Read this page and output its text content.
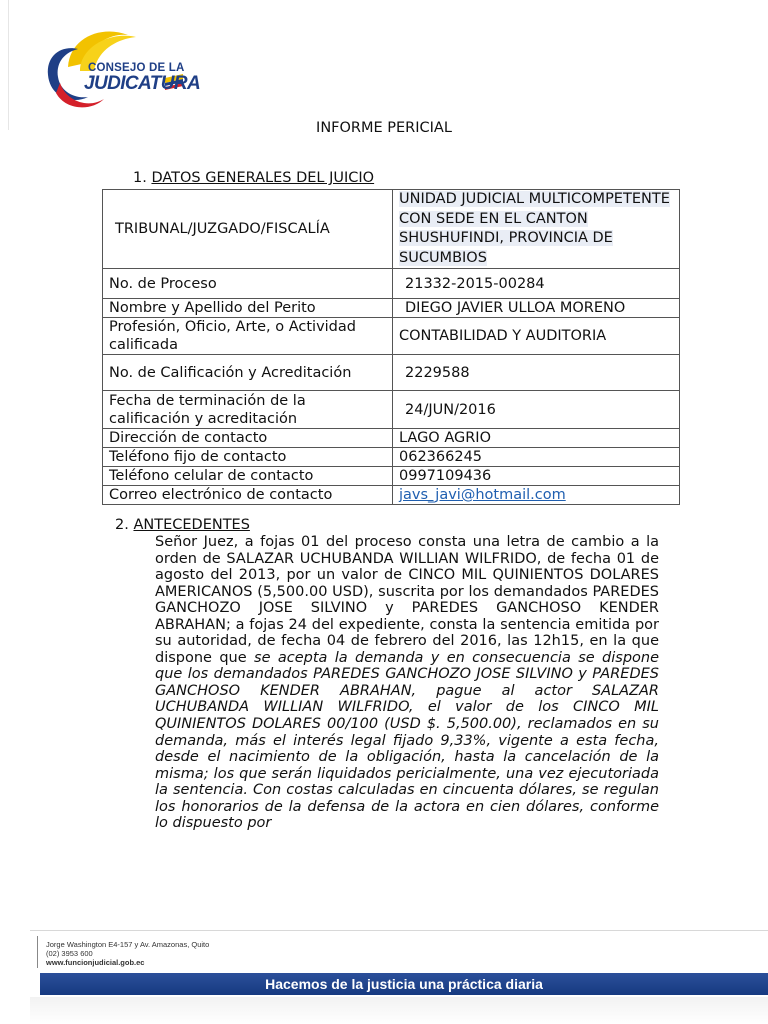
CONSEJO DE LA
JUDICATURA
INFORME PERICIAL
1. DATOS GENERALES DEL JUICIO
TRIBUNAL/JUZGADO/FISCALÍA	UNIDAD JUDICIAL MULTICOMPETENTE CON SEDE EN EL CANTON SHUSHUFINDI, PROVINCIA DE SUCUMBIOS
No. de Proceso	21332-2015-00284
Nombre y Apellido del Perito	DIEGO JAVIER ULLOA MORENO
Profesión, Oficio, Arte, o Actividad calificada	CONTABILIDAD Y AUDITORIA
No. de Calificación y Acreditación	2229588
Fecha de terminación de la calificación y acreditación	24/JUN/2016
Dirección de contacto	LAGO AGRIO
Teléfono fijo de contacto	062366245
Teléfono celular de contacto	0997109436
Correo electrónico de contacto	javs_javi@hotmail.com
2. ANTECEDENTES
Señor Juez, a fojas 01 del proceso consta una letra de cambio a la orden de SALAZAR UCHUBANDA WILLIAN WILFRIDO, de fecha 01 de agosto del 2013, por un valor de CINCO MIL QUINIENTOS DOLARES AMERICANOS (5,500.00 USD), suscrita por los demandados PAREDES GANCHOZO JOSE SILVINO y PAREDES GANCHOSO KENDER ABRAHAN; a fojas 24 del expediente, consta la sentencia emitida por su autoridad, de fecha 04 de febrero del 2016, las 12h15, en la que dispone que se acepta la demanda y en consecuencia se dispone que los demandados PAREDES GANCHOZO JOSE SILVINO y PAREDES GANCHOSO KENDER ABRAHAN, pague al actor SALAZAR UCHUBANDA WILLIAN WILFRIDO, el valor de los CINCO MIL QUINIENTOS DOLARES 00/100 (USD $. 5,500.00), reclamados en su demanda, más el interés legal fijado 9,33%, vigente a esta fecha, desde el nacimiento de la obligación, hasta la cancelación de la misma; los que serán liquidados pericialmente, una vez ejecutoriada la sentencia. Con costas calculadas en cincuenta dólares, se regulan los honorarios de la defensa de la actora en cien dólares, conforme lo dispuesto por
Jorge Washington E4-157 y Av. Amazonas, Quito
(02) 3953 600
www.funcionjudicial.gob.ec
Hacemos de la justicia una práctica diaria
